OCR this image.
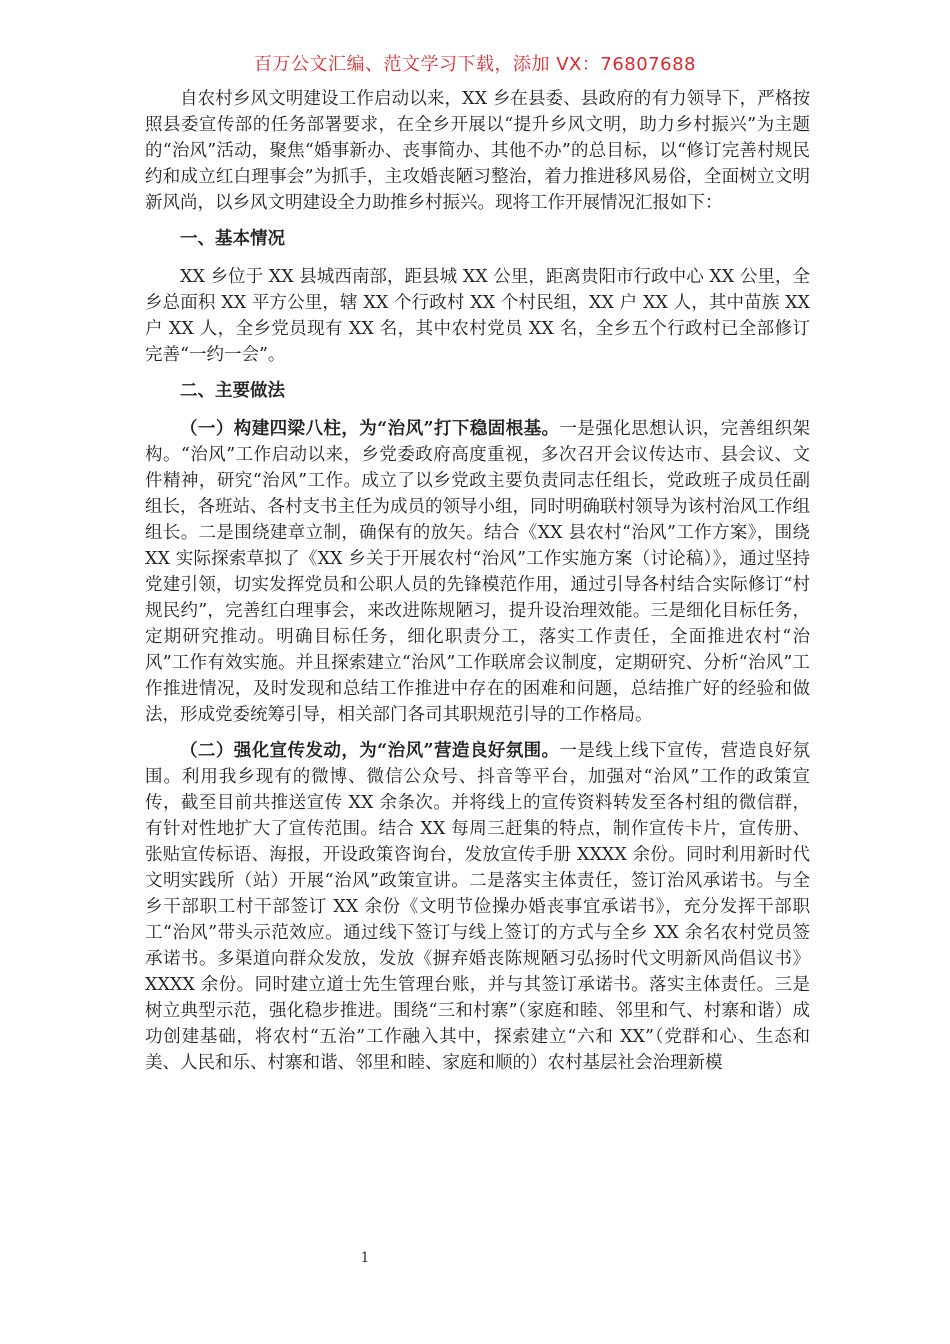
百万公文汇编、范文学习下载，添加 VX：76807688

自农村乡风文明建设工作启动以来，XX 乡在县委、县政府的有力领导下，严格按照县委宣传部的任务部署要求，在全乡开展以“提升乡风文明，助力乡村振兴”为主题的“治风”活动，聚焦“婚事新办、丧事简办、其他不办”的总目标，以“修订完善村规民约和成立红白理事会”为抓手，主攻婚丧陋习整治，着力推进移风易俗，全面树立文明新风尚，以乡风文明建设全力助推乡村振兴。现将工作开展情况汇报如下：

一、基本情况

XX 乡位于 XX 县城西南部，距县城 XX 公里，距离贵阳市行政中心 XX 公里，全乡总面积 XX 平方公里，辖 XX 个行政村 XX 个村民组，XX 户 XX 人，其中苗族 XX 户 XX 人，全乡党员现有 XX 名，其中农村党员 XX 名，全乡五个行政村已全部修订完善“一约一会”。

二、主要做法

（一）构建四梁八柱，为“治风”打下稳固根基。一是强化思想认识，完善组织架构。“治风”工作启动以来，乡党委政府高度重视，多次召开会议传达市、县会议、文件精神，研究“治风”工作。成立了以乡党政主要负责同志任组长，党政班子成员任副组长，各班站、各村支书主任为成员的领导小组，同时明确联村领导为该村治风工作组组长。二是围绕建章立制，确保有的放矢。结合《XX 县农村“治风”工作方案》，围绕 XX 实际探索草拟了《XX 乡关于开展农村“治风”工作实施方案（讨论稿）》，通过坚持党建引领，切实发挥党员和公职人员的先锋模范作用，通过引导各村结合实际修订“村规民约”，完善红白理事会，来改进陈规陋习，提升设治理效能。三是细化目标任务，定期研究推动。明确目标任务，细化职责分工，落实工作责任，全面推进农村“治风”工作有效实施。并且探索建立“治风”工作联席会议制度，定期研究、分析“治风”工作推进情况，及时发现和总结工作推进中存在的困难和问题，总结推广好的经验和做法，形成党委统筹引导，相关部门各司其职规范引导的工作格局。

（二）强化宣传发动，为“治风”营造良好氛围。一是线上线下宣传，营造良好氛围。利用我乡现有的微博、微信公众号、抖音等平台，加强对“治风”工作的政策宣传，截至目前共推送宣传 XX 余条次。并将线上的宣传资料转发至各村组的微信群，有针对性地扩大了宣传范围。结合 XX 每周三赶集的特点，制作宣传卡片，宣传册、张贴宣传标语、海报，开设政策咨询台，发放宣传手册 XXXX 余份。同时利用新时代文明实践所（站）开展“治风”政策宣讲。二是落实主体责任，签订治风承诺书。与全乡干部职工村干部签订 XX 余份《文明节俭操办婚丧事宜承诺书》，充分发挥干部职工“治风”带头示范效应。通过线下签订与线上签订的方式与全乡 XX 余名农村党员签承诺书。多渠道向群众发放，发放《摒弃婚丧陈规陋习弘扬时代文明新风尚倡议书》XXXX 余份。同时建立道士先生管理台账，并与其签订承诺书。落实主体责任。三是树立典型示范，强化稳步推进。围绕“三和村寨”（家庭和睦、邻里和气、村寨和谐）成功创建基础，将农村“五治”工作融入其中，探索建立“六和 XX”（党群和心、生态和美、人民和乐、村寨和谐、邻里和睦、家庭和顺的）农村基层社会治理新模

1
